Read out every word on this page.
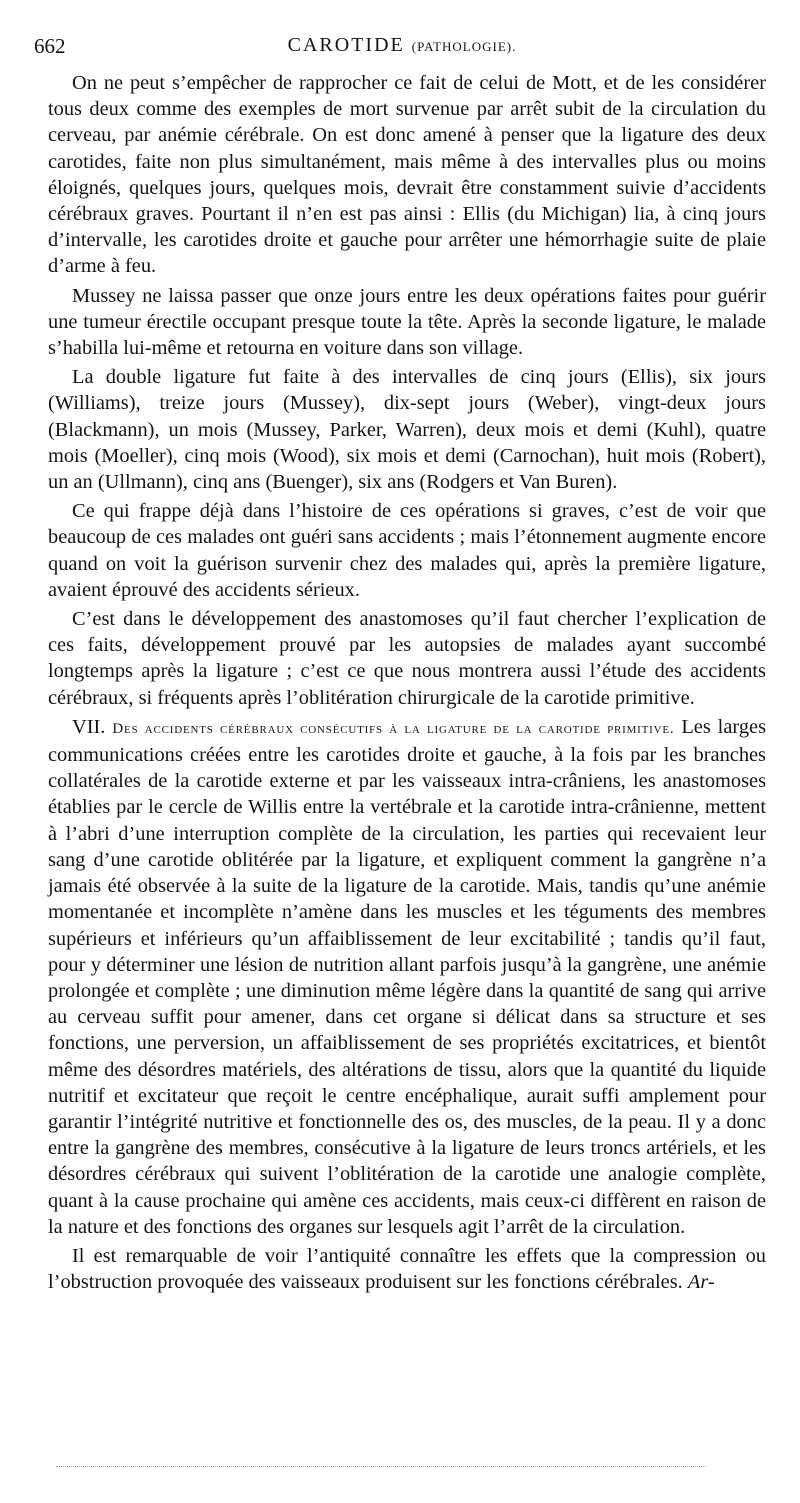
662	CAROTIDE (PATHOLOGIE).

On ne peut s’empêcher de rapprocher ce fait de celui de Mott, et de les considérer tous deux comme des exemples de mort survenue par arrêt subit de la circulation du cerveau, par anémie cérébrale. On est donc amené à penser que la ligature des deux carotides, faite non plus simultanément, mais même à des intervalles plus ou moins éloignés, quelques jours, quelques mois, devrait être constamment suivie d’accidents cérébraux graves. Pourtant il n’en est pas ainsi : Ellis (du Michigan) lia, à cinq jours d’intervalle, les carotides droite et gauche pour arrêter une hémorrhagie suite de plaie d’arme à feu.

Mussey ne laissa passer que onze jours entre les deux opérations faites pour guérir une tumeur érectile occupant presque toute la tête. Après la seconde ligature, le malade s’habilla lui-même et retourna en voiture dans son village.

La double ligature fut faite à des intervalles de cinq jours (Ellis), six jours (Williams), treize jours (Mussey), dix-sept jours (Weber), vingt-deux jours (Blackmann), un mois (Mussey, Parker, Warren), deux mois et demi (Kuhl), quatre mois (Moeller), cinq mois (Wood), six mois et demi (Carnochan), huit mois (Robert), un an (Ullmann), cinq ans (Buenger), six ans (Rodgers et Van Buren).

Ce qui frappe déjà dans l’histoire de ces opérations si graves, c’est de voir que beaucoup de ces malades ont guéri sans accidents ; mais l’étonnement augmente encore quand on voit la guérison survenir chez des malades qui, après la première ligature, avaient éprouvé des accidents sérieux.

C’est dans le développement des anastomoses qu’il faut chercher l’explication de ces faits, développement prouvé par les autopsies de malades ayant succombé longtemps après la ligature ; c’est ce que nous montrera aussi l’étude des accidents cérébraux, si fréquents après l’oblitération chirurgicale de la carotide primitive.

VII. Des accidents cérébraux consécutifs à la ligature de la carotide primitive. Les larges communications créées entre les carotides droite et gauche, à la fois par les branches collatérales de la carotide externe et par les vaisseaux intra-crâniens, les anastomoses établies par le cercle de Willis entre la vertébrale et la carotide intra-crânienne, mettent à l’abri d’une interruption complète de la circulation, les parties qui recevaient leur sang d’une carotide oblitérée par la ligature, et expliquent comment la gangrène n’a jamais été observée à la suite de la ligature de la carotide. Mais, tandis qu’une anémie momentanée et incomplète n’amène dans les muscles et les téguments des membres supérieurs et inférieurs qu’un affaiblissement de leur excitabilité ; tandis qu’il faut, pour y déterminer une lésion de nutrition allant parfois jusqu’à la gangrène, une anémie prolongée et complète ; une diminution même légère dans la quantité de sang qui arrive au cerveau suffit pour amener, dans cet organe si délicat dans sa structure et ses fonctions, une perversion, un affaiblissement de ses propriétés excitatrices, et bientôt même des désordres matériels, des altérations de tissu, alors que la quantité du liquide nutritif et excitateur que reçoit le centre encéphalique, aurait suffi amplement pour garantir l’intégrité nutritive et fonctionnelle des os, des muscles, de la peau. Il y a donc entre la gangrène des membres, consécutive à la ligature de leurs troncs artériels, et les désordres cérébraux qui suivent l’oblitération de la carotide une analogie complète, quant à la cause prochaine qui amène ces accidents, mais ceux-ci diffèrent en raison de la nature et des fonctions des organes sur lesquels agit l’arrêt de la circulation.

Il est remarquable de voir l’antiquité connaître les effets que la compression ou l’obstruction provoquée des vaisseaux produisent sur les fonctions cérébrales. Ar-
